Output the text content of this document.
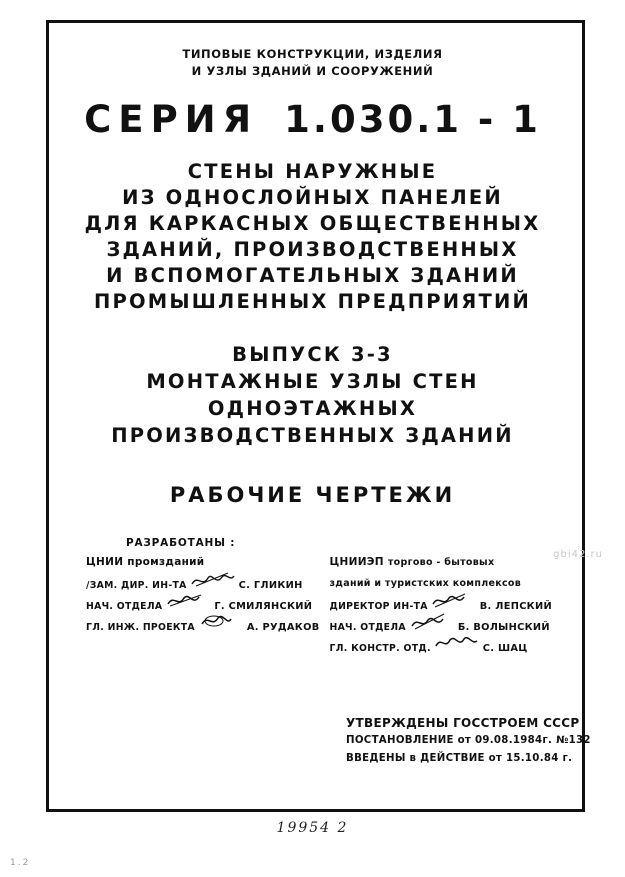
ТИПОВЫЕ КОНСТРУКЦИИ, ИЗДЕЛИЯ
И УЗЛЫ ЗДАНИЙ И СООРУЖЕНИЙ
СЕРИЯ 1.030.1 - 1
СТЕНЫ НАРУЖНЫЕ
ИЗ ОДНОСЛОЙНЫХ ПАНЕЛЕЙ
ДЛЯ КАРКАСНЫХ ОБЩЕСТВЕННЫХ
ЗДАНИЙ, ПРОИЗВОДСТВЕННЫХ
И ВСПОМОГАТЕЛЬНЫХ ЗДАНИЙ
ПРОМЫШЛЕННЫХ ПРЕДПРИЯТИЙ
ВЫПУСК 3-3
МОНТАЖНЫЕ УЗЛЫ СТЕН
ОДНОЭТАЖНЫХ
ПРОИЗВОДСТВЕННЫХ ЗДАНИЙ
РАБОЧИЕ ЧЕРТЕЖИ
РАЗРАБОТАНЫ :
ЦНИИ промзданий
/ЗАМ. ДИР. ИН-ТА	С. ГЛИКИН
НАЧ. ОТДЕЛА	Г. СМИЛЯНСКИЙ
ГЛ. ИНЖ. ПРОЕКТА	А. РУДАКОВ
ЦНИИЭП торгово - бытовых
зданий и туристских комплексов
ДИРЕКТОР ИН-ТА	В. ЛЕПСКИЙ
НАЧ. ОТДЕЛА	Б. ВОЛЫНСКИЙ
ГЛ. КОНСТР. ОТД.	С. ШАЦ
УТВЕРЖДЕНЫ ГОССТРОЕМ СССР
ПОСТАНОВЛЕНИЕ от 09.08.1984г. №132
ВВЕДЕНЫ в ДЕЙСТВИЕ от 15.10.84 г.
gbi42.ru
19954 2
1.2
